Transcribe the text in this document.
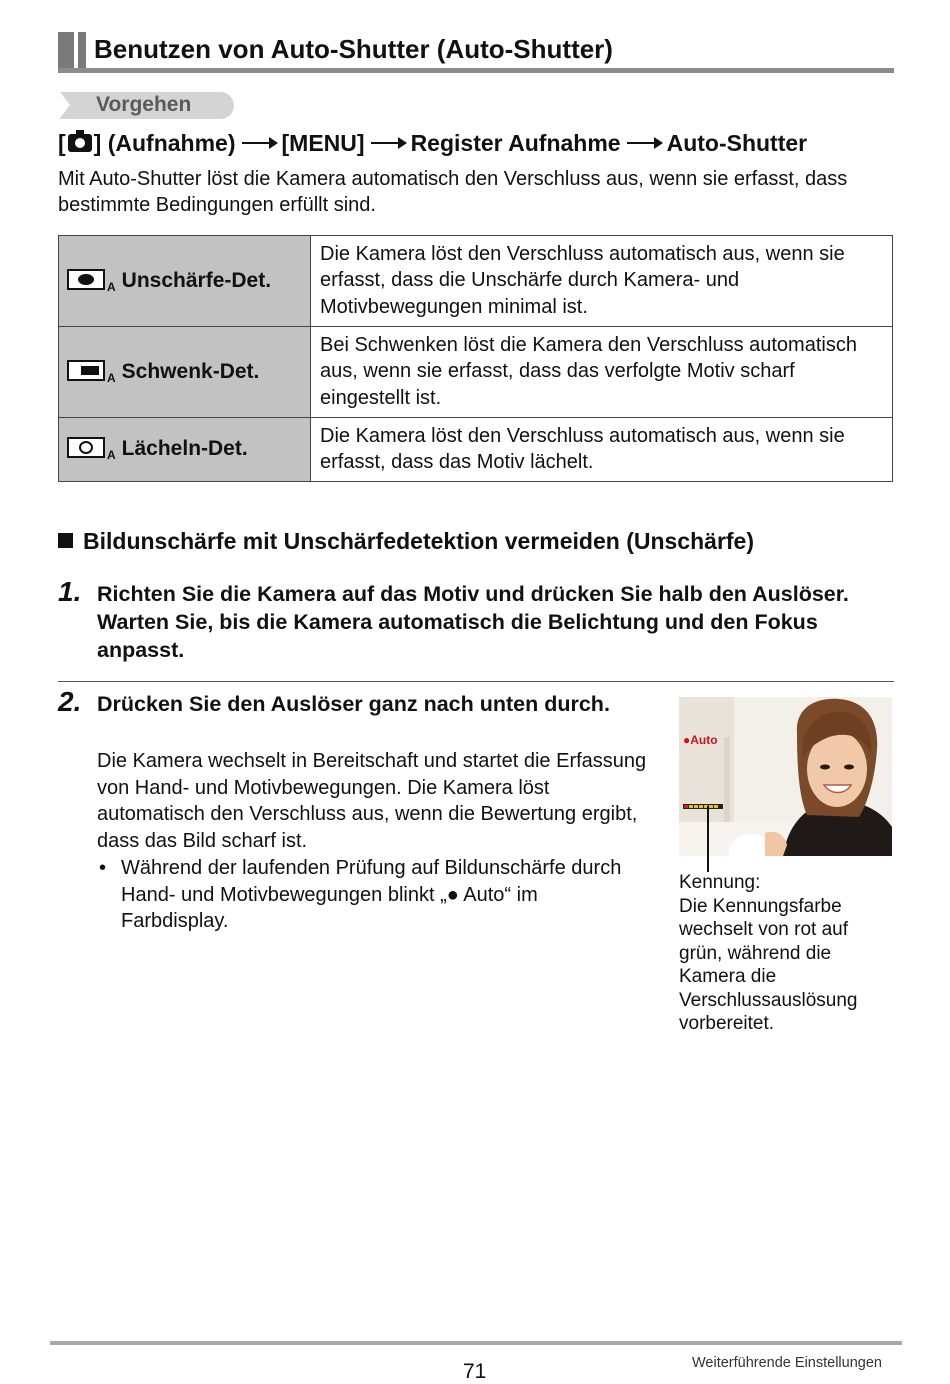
Benutzen von Auto-Shutter (Auto-Shutter)
Vorgehen
[ ] (Aufnahme) [MENU] Register Aufnahme Auto-Shutter
Mit Auto-Shutter löst die Kamera automatisch den Verschluss aus, wenn sie erfasst, dass bestimmte Bedingungen erfüllt sind.
A Unschärfe-Det.	Die Kamera löst den Verschluss automatisch aus, wenn sie erfasst, dass die Unschärfe durch Kamera- und Motivbewegungen minimal ist.

A Schwenk-Det.	Bei Schwenken löst die Kamera den Verschluss automatisch aus, wenn sie erfasst, dass das verfolgte Motiv scharf eingestellt ist.

A Lächeln-Det.	Die Kamera löst den Verschluss automatisch aus, wenn sie erfasst, dass das Motiv lächelt.
Bildunschärfe mit Unschärfedetektion vermeiden (Unschärfe)
1. Richten Sie die Kamera auf das Motiv und drücken Sie halb den Auslöser. Warten Sie, bis die Kamera automatisch die Belichtung und den Fokus anpasst.
2. Drücken Sie den Auslöser ganz nach unten durch.
Die Kamera wechselt in Bereitschaft und startet die Erfassung von Hand- und Motivbewegungen. Die Kamera löst automatisch den Verschluss aus, wenn die Bewertung ergibt, dass das Bild scharf ist.
• Während der laufenden Prüfung auf Bildunschärfe durch Hand- und Motivbewegungen blinkt „● Auto“ im Farbdisplay.
●Auto
Kennung:
Die Kennungsfarbe wechselt von rot auf grün, während die Kamera die Verschlussauslösung vorbereitet.
71	Weiterführende Einstellungen
